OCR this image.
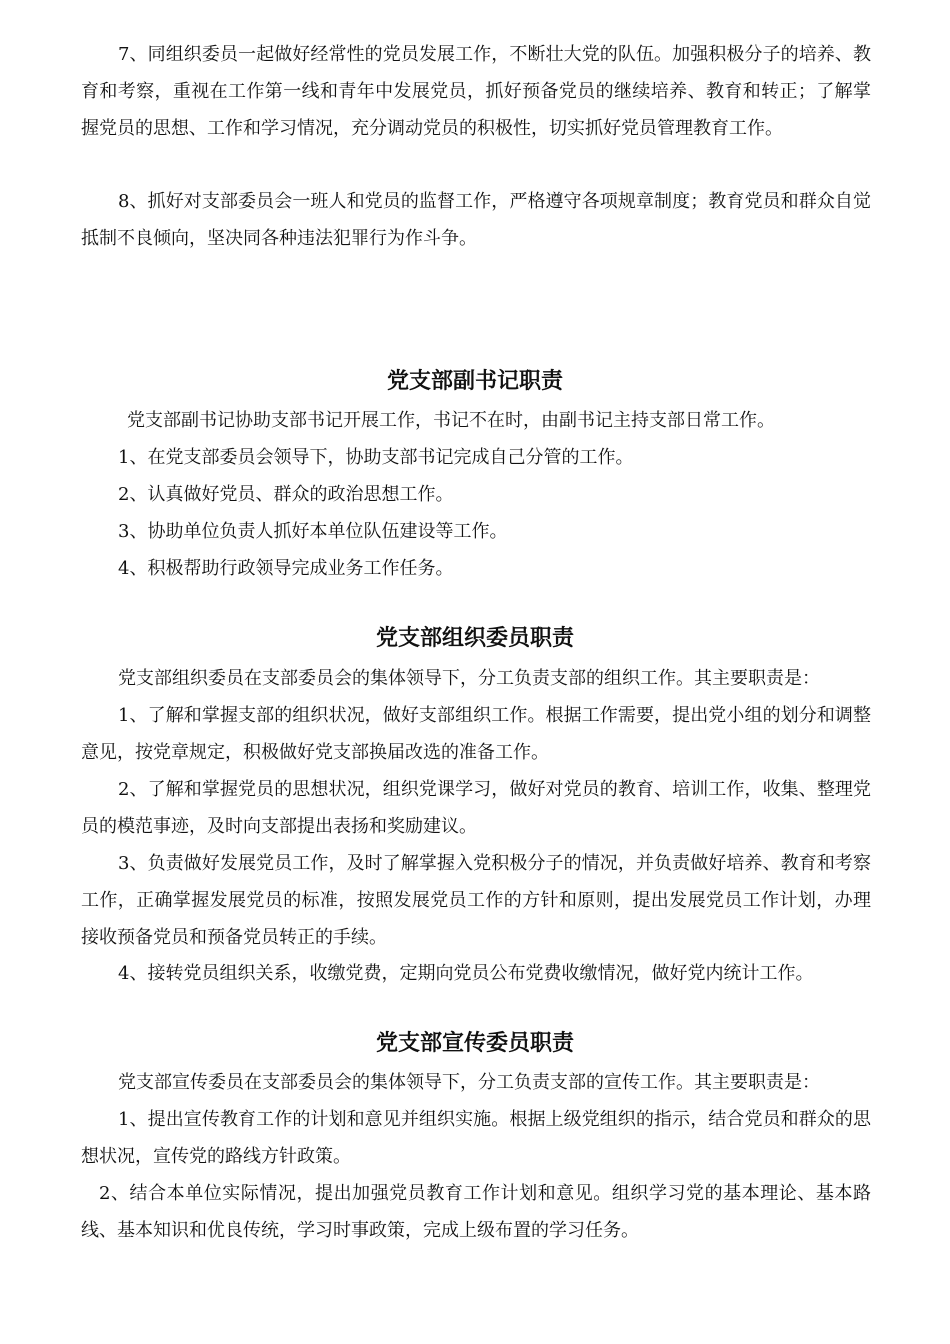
7、同组织委员一起做好经常性的党员发展工作，不断壮大党的队伍。加强积极分子的培养、教育和考察，重视在工作第一线和青年中发展党员，抓好预备党员的继续培养、教育和转正；了解掌握党员的思想、工作和学习情况，充分调动党员的积极性，切实抓好党员管理教育工作。

8、抓好对支部委员会一班人和党员的监督工作，严格遵守各项规章制度；教育党员和群众自觉抵制不良倾向，坚决同各种违法犯罪行为作斗争。

党支部副书记职责

党支部副书记协助支部书记开展工作，书记不在时，由副书记主持支部日常工作。

1、在党支部委员会领导下，协助支部书记完成自己分管的工作。

2、认真做好党员、群众的政治思想工作。

3、协助单位负责人抓好本单位队伍建设等工作。

4、积极帮助行政领导完成业务工作任务。

党支部组织委员职责

党支部组织委员在支部委员会的集体领导下，分工负责支部的组织工作。其主要职责是：

1、了解和掌握支部的组织状况，做好支部组织工作。根据工作需要，提出党小组的划分和调整意见，按党章规定，积极做好党支部换届改选的准备工作。

2、了解和掌握党员的思想状况，组织党课学习，做好对党员的教育、培训工作，收集、整理党员的模范事迹，及时向支部提出表扬和奖励建议。

3、负责做好发展党员工作，及时了解掌握入党积极分子的情况，并负责做好培养、教育和考察工作，正确掌握发展党员的标准，按照发展党员工作的方针和原则，提出发展党员工作计划，办理接收预备党员和预备党员转正的手续。

4、接转党员组织关系，收缴党费，定期向党员公布党费收缴情况，做好党内统计工作。

党支部宣传委员职责

党支部宣传委员在支部委员会的集体领导下，分工负责支部的宣传工作。其主要职责是：

1、提出宣传教育工作的计划和意见并组织实施。根据上级党组织的指示，结合党员和群众的思想状况，宣传党的路线方针政策。

2、结合本单位实际情况，提出加强党员教育工作计划和意见。组织学习党的基本理论、基本路线、基本知识和优良传统，学习时事政策，完成上级布置的学习任务。
